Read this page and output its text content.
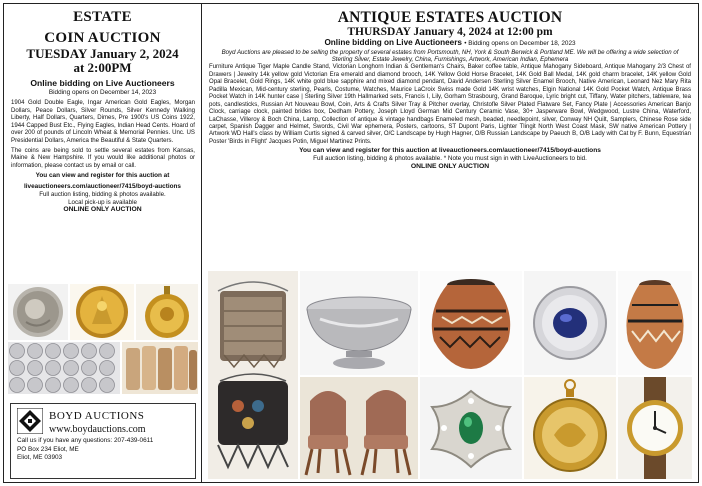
ESTATE
COIN AUCTION
TUESDAY January 2, 2024
at 2:00PM
Online bidding on Live Auctioneers
Bidding opens on December 14, 2023
1904 Gold Double Eagle, Ingar American Gold Eagles, Morgan Dollars, Peace Dollars, Silver Rounds, Silver Kennedy Walking Liberty, Half Dollars, Quarters, Dimes, Pre 1900's US Coins 1922, 1944 Capped Bust Etc., Flying Eagles, Indian Head Cents. Hoard of over 200 of pounds of Lincoln Wheat & Memorial Pennies. Unc. US Presidential Dollars, America the Beautiful & State Quarters.
The coins are being sold to settle several estates from Kansas, Maine & New Hampshire. If you would like additional photos or information, please contact us by email or call.
You can view and register for this auction at
liveauctioneers.com/auctioneer/7415/boyd-auctions
Full auction listing, bidding & photos available.
Local pick-up is available
ONLINE ONLY AUCTION
BOYD AUCTIONS
www.boydauctions.com
Call us if you have any questions: 207-439-0611
PO Box 234 Eliot, ME
Eliot, ME 03903
ANTIQUE ESTATES AUCTION
THURSDAY January 4, 2024 at 12:00 pm
Online bidding on Live Auctioneers • Bidding opens on December 18, 2023
Boyd Auctions are pleased to be selling the property of several estates from Portsmouth, NH, York & South Berwick & Portland ME. We will be offering a wide selection of Sterling Silver, Estate Jewelry, China, Furnishings, Artwork, American Indian, Ephemera
Furniture Antique Tiger Maple Candle Stand, Victorian Longhorn Indian & Gentleman's Chairs, Baker coffee table, Antique Mahogany Sideboard, Antique Mahogany 2/3 Chest of Drawers | Jewelry 14k yellow gold Victorian Era emerald and diamond brooch, 14K Yellow Gold Horse Bracelet, 14K Gold Ball Medal, 14K gold charm bracelet, 14K yellow Gold Opal Bracelet, Gold Rings, 14K white gold blue sapphire and mixed diamond pendant, David Andersen Sterling Silver Enamel Brooch, Native American, Leonard Nez Mary Rita Padilla Mexican, Mid-century sterling, Pearls, Costume, Watches, Maurice LaCroix Swiss made Gold 14K wrist watches, Elgin National 14K Gold Pocket Watch, Antique Brass Pocket Watch in 14K hunter case | Sterling Silver 19th Hallmarked sets, Francis I, Lily, Gorham Strasbourg, Grand Baroque, Lyric bright cut, Tiffany, Water pitchers, tableware, tea pots, candlesticks, Russian Art Nouveau Bowl, Coin, Arts & Crafts Silver Tray & Pitcher overlay, Christofle Silver Plated Flatware Set, Fancy Plate | Accessories American Banjo Clock, carriage clock, painted brides box, Dedham Pottery, Joseph Lloyd German Mid Century Ceramic Vase, 30+ Jasperware Bowl, Wedgwood, Lustre China, Waterford, LaChasse, Villeroy & Boch China, Lamp, Collection of antique & vintage handbags Enameled mesh, beaded, needlepoint, silver, Conway NH Quilt, Samplers, Chinese Rose side carpet, Spanish Dagger and Helmet, Swords, Civil War ephemera, Posters, cartoons, ST Dupont Paris, Lighter Tlingit North West Coast Mask, SW native American Pottery | Artwork WD Hall's class by William Curtis signed & carved silver, O/C Landscape by Hugh Hagner, O/B Russian Landscape by Paeuch B, O/B Lady with Cat by F. Bunn, Equestrian Poster 'Birds in Flight' Jacques Potin, Miguel Martinez Prints.
You can view and register for this auction at liveauctioneers.com/auctioneer/7415/boyd-auctions
Full auction listing, bidding & photos available. * Note you must sign in with LiveAuctioneers to bid.
ONLINE ONLY AUCTION
